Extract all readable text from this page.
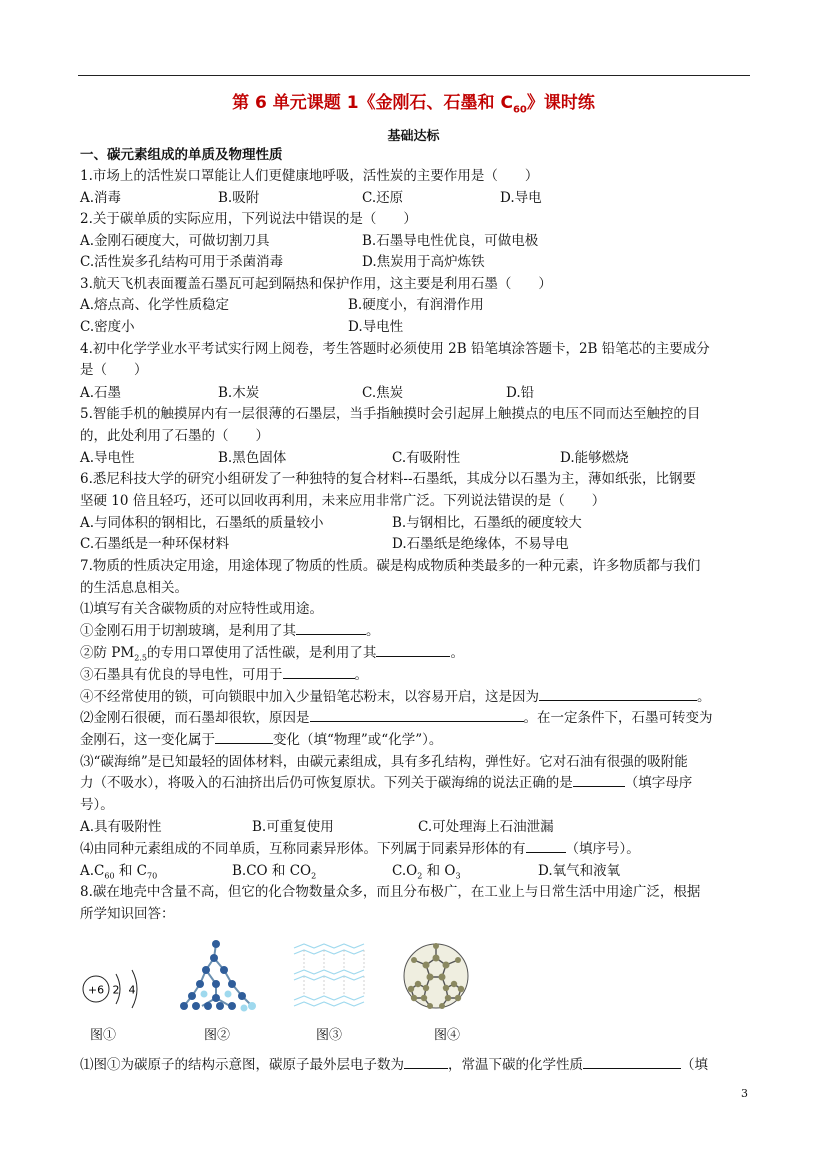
第 6 单元课题 1《金刚石、石墨和 $C_{60}$》课时练
基础达标
一、碳元素组成的单质及物理性质
1.市场上的活性炭口罩能让人们更健康地呼吸，活性炭的主要作用是（　　）
A.消毒	B.吸附	C.还原	D.导电
2.关于碳单质的实际应用，下列说法中错误的是（　　）
A.金刚石硬度大，可做切割刀具	B.石墨导电性优良，可做电极
C.活性炭多孔结构可用于杀菌消毒	D.焦炭用于高炉炼铁
3.航天飞机表面覆盖石墨瓦可起到隔热和保护作用，这主要是利用石墨（　　）
A.熔点高、化学性质稳定	B.硬度小，有润滑作用
C.密度小	D.导电性
4.初中化学学业水平考试实行网上阅卷，考生答题时必须使用 2B 铅笔填涂答题卡，2B 铅笔芯的主要成分
是（　　）
A.石墨	B.木炭	C.焦炭	D.铅
5.智能手机的触摸屏内有一层很薄的石墨层，当手指触摸时会引起屏上触摸点的电压不同而达至触控的目
的，此处利用了石墨的（　　）
A.导电性	B.黑色固体	C.有吸附性	D.能够燃烧
6.悉尼科技大学的研究小组研发了一种独特的复合材料--石墨纸，其成分以石墨为主，薄如纸张，比钢要
坚硬 10 倍且轻巧，还可以回收再利用，未来应用非常广泛。下列说法错误的是（　　）
A.与同体积的钢相比，石墨纸的质量较小	B.与钢相比，石墨纸的硬度较大
C.石墨纸是一种环保材料	D.石墨纸是绝缘体，不易导电
7.物质的性质决定用途，用途体现了物质的性质。碳是构成物质种类最多的一种元素，许多物质都与我们
的生活息息相关。
⑴填写有关含碳物质的对应特性或用途。
①金刚石用于切割玻璃，是利用了其	。
②防 $PM_{2.5}$的专用口罩使用了活性碳，是利用了其	。
③石墨具有优良的导电性，可用于	。
④不经常使用的锁，可向锁眼中加入少量铅笔芯粉末，以容易开启，这是因为	。
⑵金刚石很硬，而石墨却很软，原因是	。在一定条件下，石墨可转变为
金刚石，这一变化属于	变化（填“物理”或“化学”）。
⑶“碳海绵”是已知最轻的固体材料，由碳元素组成，具有多孔结构，弹性好。它对石油有很强的吸附能
力（不吸水），将吸入的石油挤出后仍可恢复原状。下列关于碳海绵的说法正确的是	（填字母序
号）。
A.具有吸附性	B.可重复使用	C.可处理海上石油泄漏
⑷由同种元素组成的不同单质，互称同素异形体。下列属于同素异形体的有	（填序号）。
$A.C_{60}$ 和 $C_{70}$	B.CO 和 $CO_2$	$C.O_2$ 和 $O_3$	D.氧气和液氧
8.碳在地壳中含量不高，但它的化合物数量众多，而且分布极广，在工业上与日常生活中用途广泛，根据
所学知识回答：
+6 2 4
图①	图②	图③	图④
⑴图①为碳原子的结构示意图，碳原子最外层电子数为	，常温下碳的化学性质	（填
3
